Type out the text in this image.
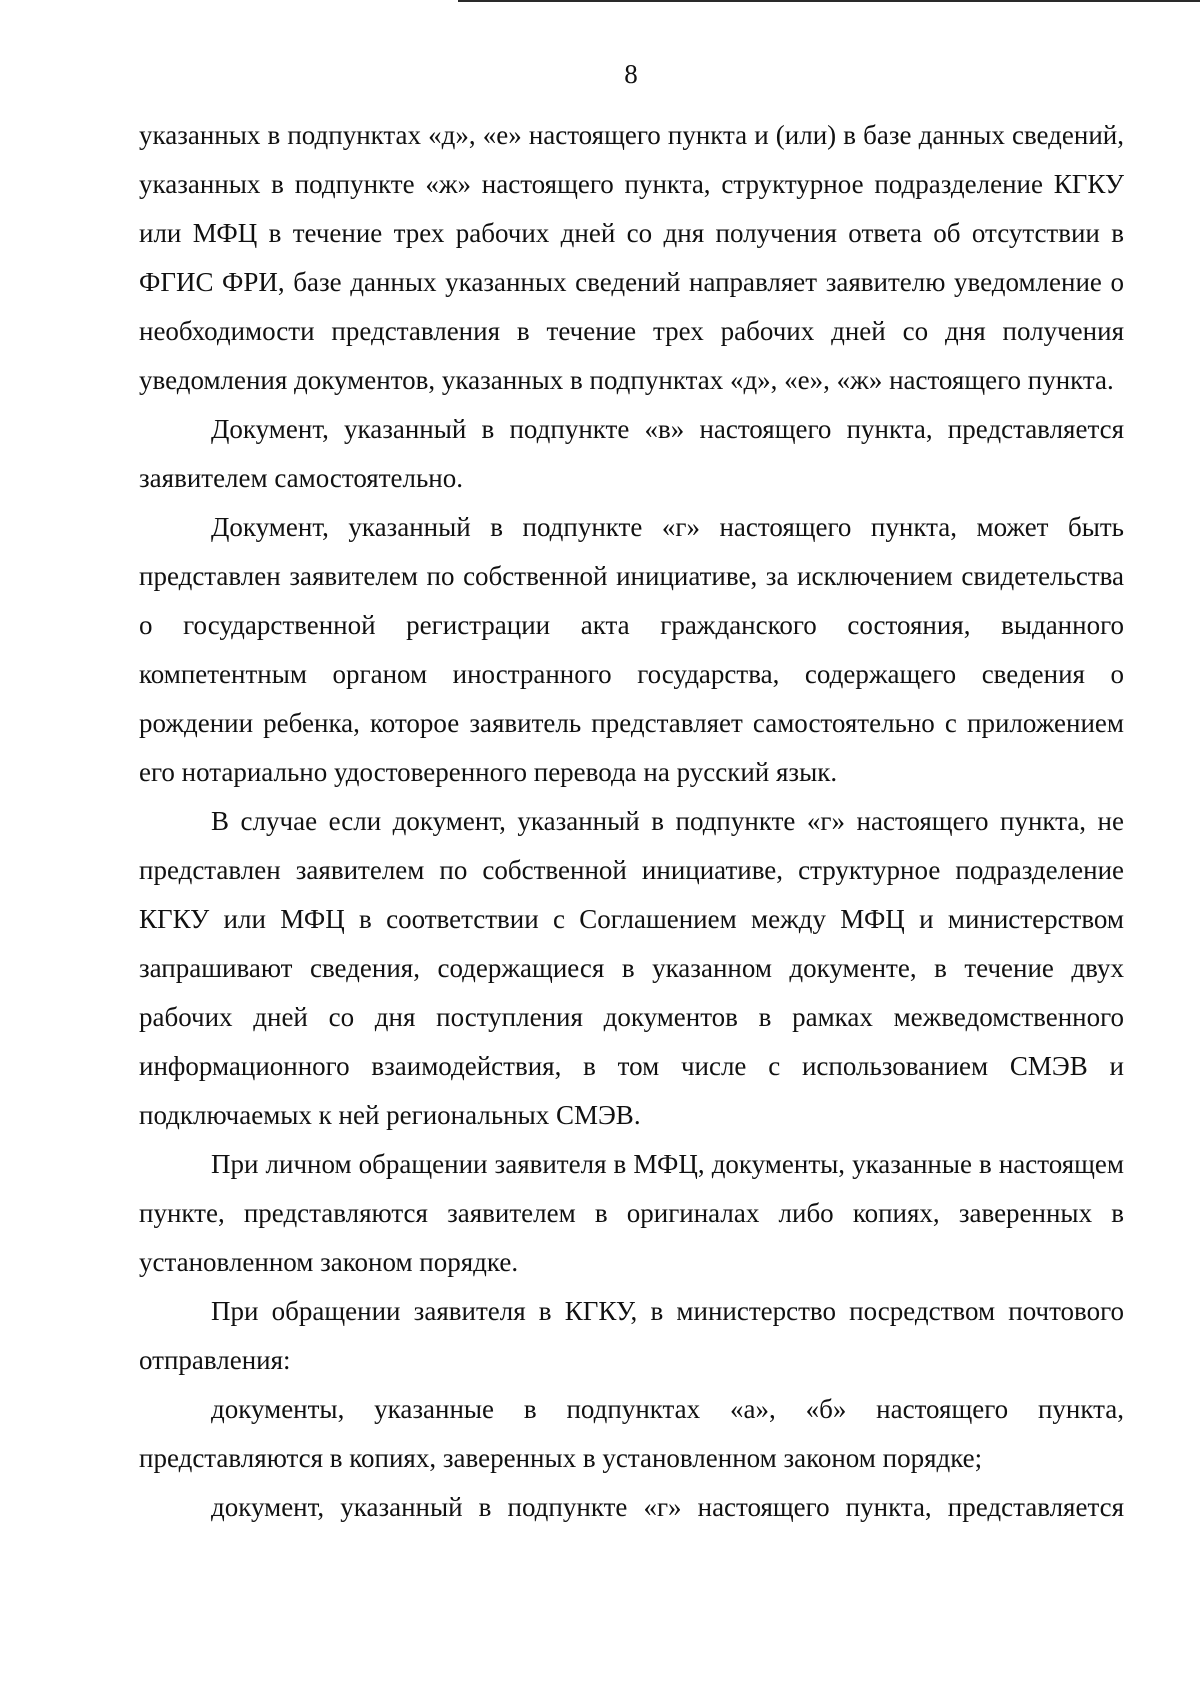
8

указанных в подпунктах «д», «е» настоящего пункта и (или) в базе данных сведений, указанных в подпункте «ж» настоящего пункта, структурное подразделение КГКУ или МФЦ в течение трех рабочих дней со дня получения ответа об отсутствии в ФГИС ФРИ, базе данных указанных сведений направляет заявителю уведомление о необходимости представления в течение трех рабочих дней со дня получения уведомления документов, указанных в подпунктах «д», «е», «ж» настоящего пункта.

Документ, указанный в подпункте «в» настоящего пункта, представляется заявителем самостоятельно.

Документ, указанный в подпункте «г» настоящего пункта, может быть представлен заявителем по собственной инициативе, за исключением свидетельства о государственной регистрации акта гражданского состояния, выданного компетентным органом иностранного государства, содержащего сведения о рождении ребенка, которое заявитель представляет самостоятельно с приложением его нотариально удостоверенного перевода на русский язык.

В случае если документ, указанный в подпункте «г» настоящего пункта, не представлен заявителем по собственной инициативе, структурное подразделение КГКУ или МФЦ в соответствии с Соглашением между МФЦ и министерством запрашивают сведения, содержащиеся в указанном документе, в течение двух рабочих дней со дня поступления документов в рамках межведомственного информационного взаимодействия, в том числе с использованием СМЭВ и подключаемых к ней региональных СМЭВ.

При личном обращении заявителя в МФЦ, документы, указанные в настоящем пункте, представляются заявителем в оригиналах либо копиях, заверенных в установленном законом порядке.

При обращении заявителя в КГКУ, в министерство посредством почтового отправления:

документы, указанные в подпунктах «а», «б» настоящего пункта, представляются в копиях, заверенных в установленном законом порядке;

документ, указанный в подпункте «г» настоящего пункта, представляется
